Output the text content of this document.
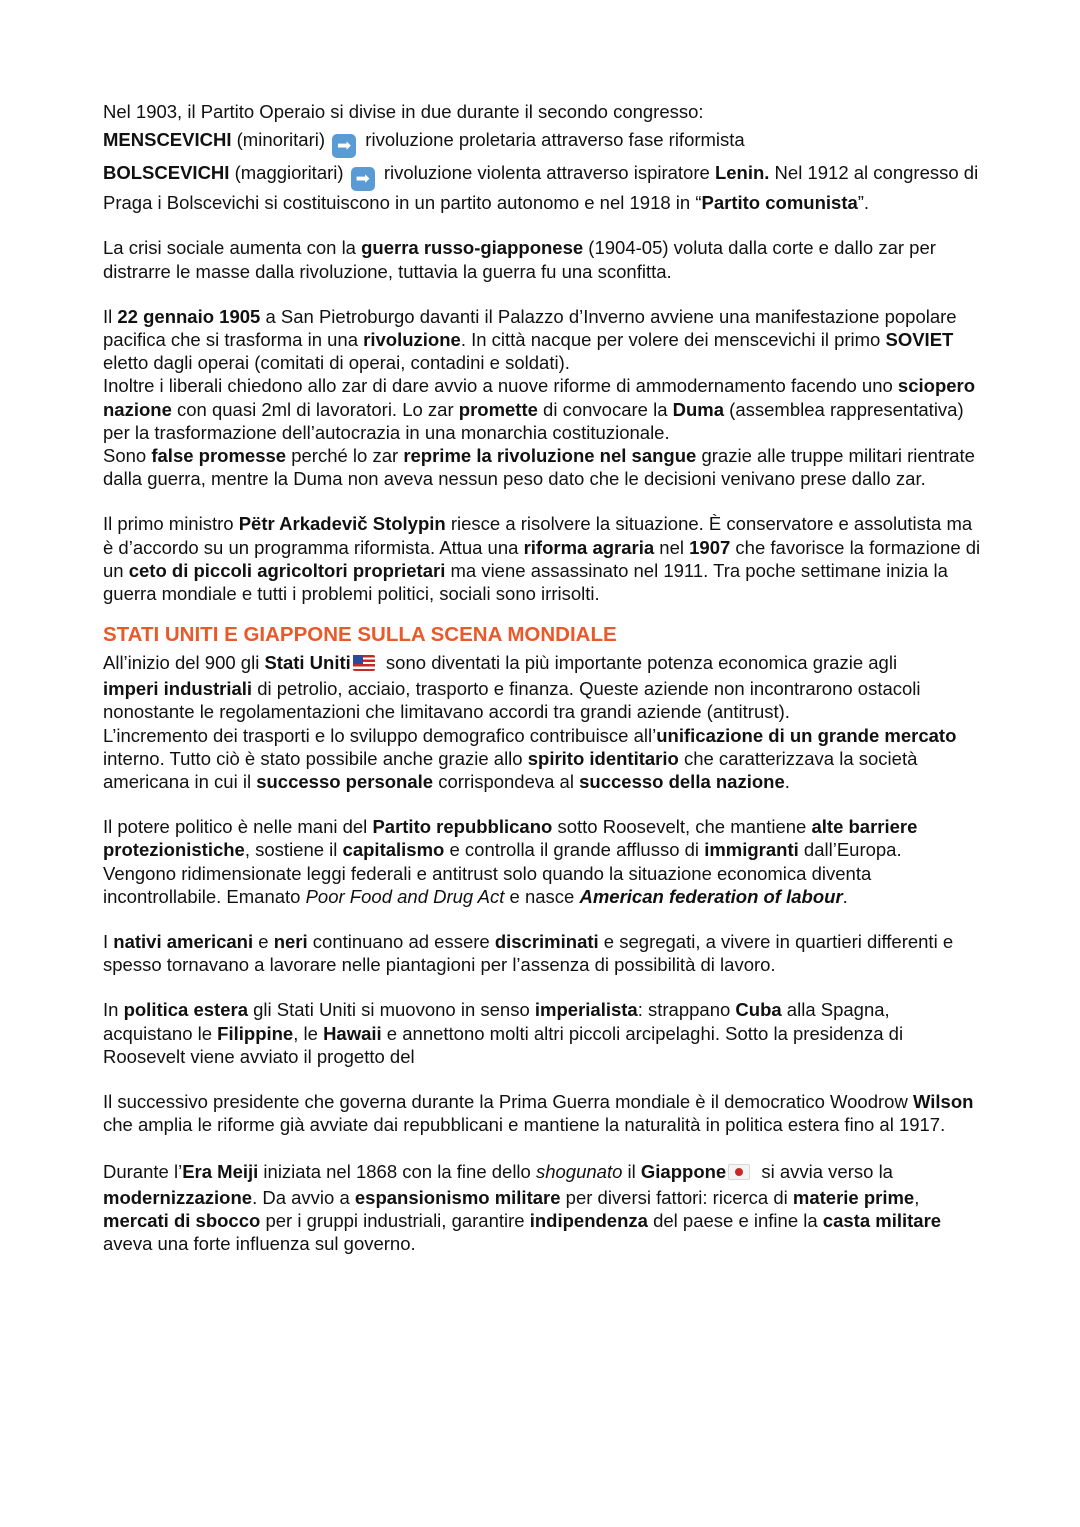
Nel 1903, il Partito Operaio si divise in due durante il secondo congresso:

MENSCEVICHI (minoritari) ➡ rivoluzione proletaria attraverso fase riformista

BOLSCEVICHI (maggioritari) ➡ rivoluzione violenta attraverso ispiratore Lenin. Nel 1912 al congresso di Praga i Bolscevichi si costituiscono in un partito autonomo e nel 1918 in “Partito comunista”.

La crisi sociale aumenta con la guerra russo-giapponese (1904-05) voluta dalla corte e dallo zar per distrarre le masse dalla rivoluzione, tuttavia la guerra fu una sconfitta.

Il 22 gennaio 1905 a San Pietroburgo davanti il Palazzo d’Inverno avviene una manifestazione popolare pacifica che si trasforma in una rivoluzione. In città nacque per volere dei menscevichi il primo SOVIET eletto dagli operai (comitati di operai, contadini e soldati).
Inoltre i liberali chiedono allo zar di dare avvio a nuove riforme di ammodernamento facendo uno sciopero nazione con quasi 2ml di lavoratori. Lo zar promette di convocare la Duma (assemblea rappresentativa) per la trasformazione dell’autocrazia in una monarchia costituzionale.
Sono false promesse perché lo zar reprime la rivoluzione nel sangue grazie alle truppe militari rientrate dalla guerra, mentre la Duma non aveva nessun peso dato che le decisioni venivano prese dallo zar.

Il primo ministro Pëtr Arkadevič Stolypin riesce a risolvere la situazione. È conservatore e assolutista ma è d’accordo su un programma riformista. Attua una riforma agraria nel 1907 che favorisce la formazione di un ceto di piccoli agricoltori proprietari ma viene assassinato nel 1911. Tra poche settimane inizia la guerra mondiale e tutti i problemi politici, sociali sono irrisolti.

STATI UNITI E GIAPPONE SULLA SCENA MONDIALE

All’inizio del 900 gli Stati Uniti sono diventati la più importante potenza economica grazie agli

imperi industriali di petrolio, acciaio, trasporto e finanza. Queste aziende non incontrarono ostacoli nonostante le regolamentazioni che limitavano accordi tra grandi aziende (antitrust).
L’incremento dei trasporti e lo sviluppo demografico contribuisce all’unificazione di un grande mercato interno. Tutto ciò è stato possibile anche grazie allo spirito identitario che caratterizzava la società americana in cui il successo personale corrispondeva al successo della nazione.

Il potere politico è nelle mani del Partito repubblicano sotto Roosevelt, che mantiene alte barriere protezionistiche, sostiene il capitalismo e controlla il grande afflusso di immigranti dall’Europa.
Vengono ridimensionate leggi federali e antitrust solo quando la situazione economica diventa incontrollabile. Emanato Poor Food and Drug Act e nasce American federation of labour.

I nativi americani e neri continuano ad essere discriminati e segregati, a vivere in quartieri differenti e spesso tornavano a lavorare nelle piantagioni per l’assenza di possibilità di lavoro.

In politica estera gli Stati Uniti si muovono in senso imperialista: strappano Cuba alla Spagna, acquistano le Filippine, le Hawaii e annettono molti altri piccoli arcipelaghi. Sotto la presidenza di Roosevelt viene avviato il progetto del

Il successivo presidente che governa durante la Prima Guerra mondiale è il democratico Woodrow Wilson che amplia le riforme già avviate dai repubblicani e mantiene la naturalità in politica estera fino al 1917.

Durante l’Era Meiji iniziata nel 1868 con la fine dello shogunato il Giappone si avvia verso la

modernizzazione. Da avvio a espansionismo militare per diversi fattori: ricerca di materie prime, mercati di sbocco per i gruppi industriali, garantire indipendenza del paese e infine la casta militare aveva una forte influenza sul governo.
